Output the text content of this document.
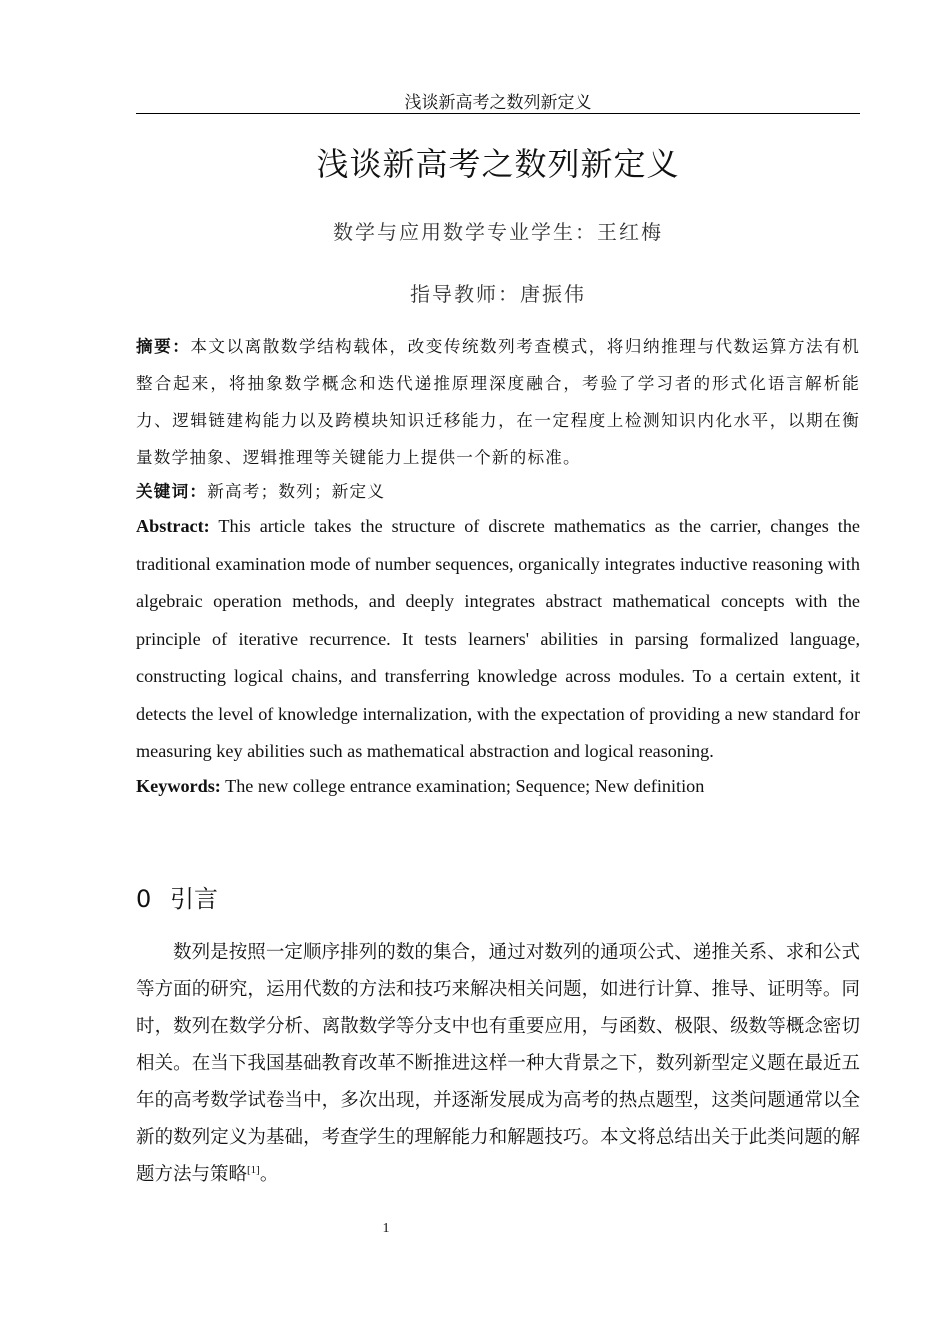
浅谈新高考之数列新定义
浅谈新高考之数列新定义
数学与应用数学专业学生：王红梅
指导教师：唐振伟
摘要：本文以离散数学结构载体，改变传统数列考查模式，将归纳推理与代数运算方法有机整合起来，将抽象数学概念和迭代递推原理深度融合，考验了学习者的形式化语言解析能力、逻辑链建构能力以及跨模块知识迁移能力，在一定程度上检测知识内化水平，以期在衡量数学抽象、逻辑推理等关键能力上提供一个新的标准。
关键词：新高考；数列；新定义
Abstract: This article takes the structure of discrete mathematics as the carrier, changes the traditional examination mode of number sequences, organically integrates inductive reasoning with algebraic operation methods, and deeply integrates abstract mathematical concepts with the principle of iterative recurrence. It tests learners' abilities in parsing formalized language, constructing logical chains, and transferring knowledge across modules. To a certain extent, it detects the level of knowledge internalization, with the expectation of providing a new standard for measuring key abilities such as mathematical abstraction and logical reasoning.
Keywords: The new college entrance examination; Sequence; New definition
0 引言
数列是按照一定顺序排列的数的集合，通过对数列的通项公式、递推关系、求和公式等方面的研究，运用代数的方法和技巧来解决相关问题，如进行计算、推导、证明等。同时，数列在数学分析、离散数学等分支中也有重要应用，与函数、极限、级数等概念密切相关。在当下我国基础教育改革不断推进这样一种大背景之下，数列新型定义题在最近五年的高考数学试卷当中，多次出现，并逐渐发展成为高考的热点题型，这类问题通常以全新的数列定义为基础，考查学生的理解能力和解题技巧。本文将总结出关于此类问题的解题方法与策略[1]。
1
